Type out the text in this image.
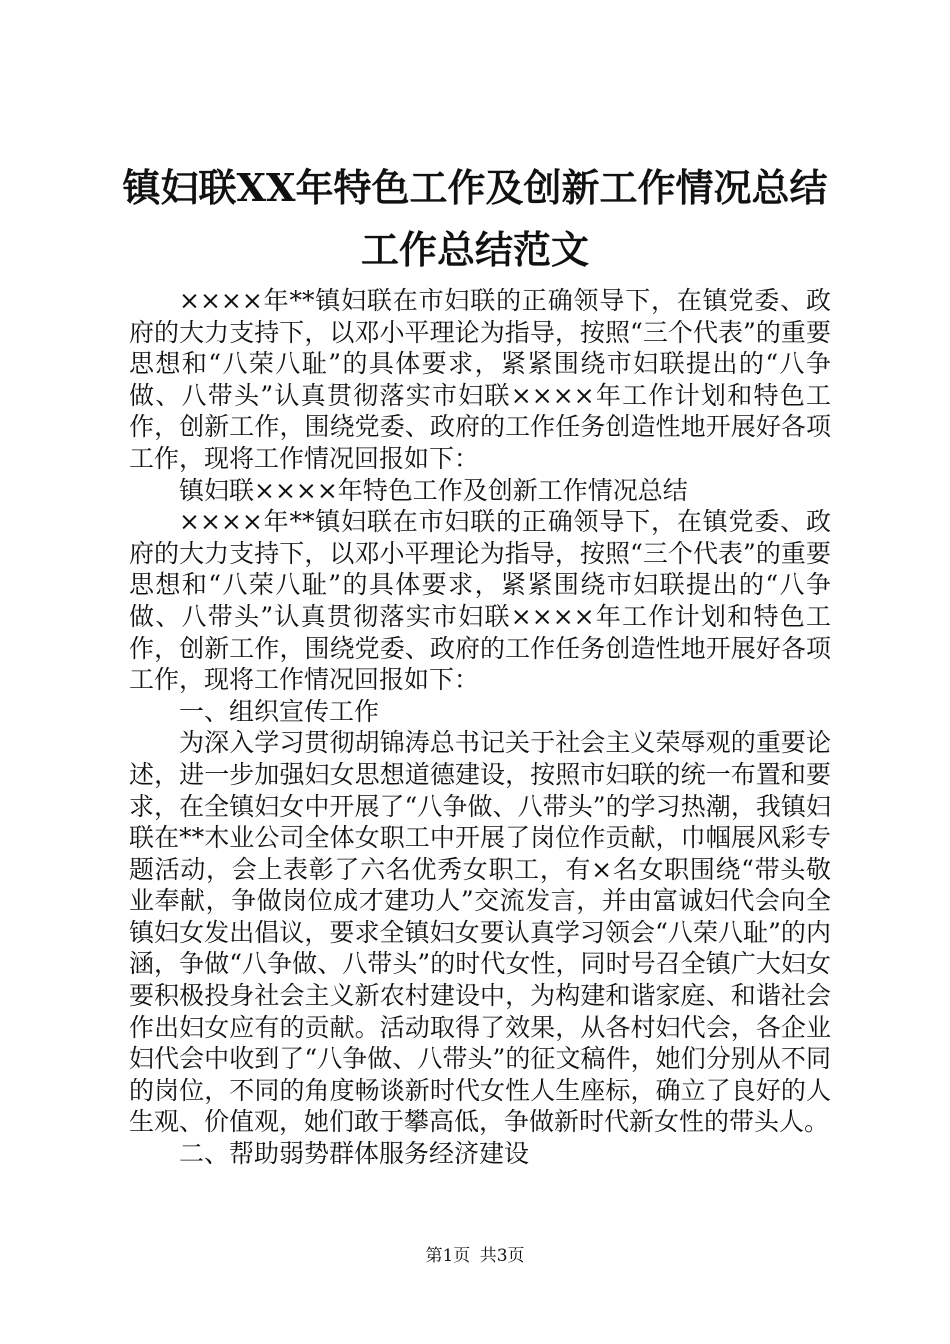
镇妇联XX年特色工作及创新工作情况总结工作总结范文

××××年**镇妇联在市妇联的正确领导下，在镇党委、政府的大力支持下，以邓小平理论为指导，按照“三个代表”的重要思想和“八荣八耻”的具体要求，紧紧围绕市妇联提出的“八争做、八带头”认真贯彻落实市妇联××××年工作计划和特色工作，创新工作，围绕党委、政府的工作任务创造性地开展好各项工作，现将工作情况回报如下：

镇妇联××××年特色工作及创新工作情况总结

××××年**镇妇联在市妇联的正确领导下，在镇党委、政府的大力支持下，以邓小平理论为指导，按照“三个代表”的重要思想和“八荣八耻”的具体要求，紧紧围绕市妇联提出的“八争做、八带头”认真贯彻落实市妇联××××年工作计划和特色工作，创新工作，围绕党委、政府的工作任务创造性地开展好各项工作，现将工作情况回报如下：

一、组织宣传工作

为深入学习贯彻胡锦涛总书记关于社会主义荣辱观的重要论述，进一步加强妇女思想道德建设，按照市妇联的统一布置和要求，在全镇妇女中开展了“八争做、八带头”的学习热潮，我镇妇联在**木业公司全体女职工中开展了岗位作贡献，巾帼展风彩专题活动，会上表彰了六名优秀女职工，有×名女职围绕“带头敬业奉献，争做岗位成才建功人”交流发言，并由富诚妇代会向全镇妇女发出倡议，要求全镇妇女要认真学习领会“八荣八耻”的内涵，争做“八争做、八带头”的时代女性，同时号召全镇广大妇女要积极投身社会主义新农村建设中，为构建和谐家庭、和谐社会作出妇女应有的贡献。活动取得了效果，从各村妇代会，各企业妇代会中收到了“八争做、八带头”的征文稿件，她们分别从不同的岗位，不同的角度畅谈新时代女性人生座标，确立了良好的人生观、价值观，她们敢于攀高低，争做新时代新女性的带头人。

二、帮助弱势群体服务经济建设

第1页 共3页
